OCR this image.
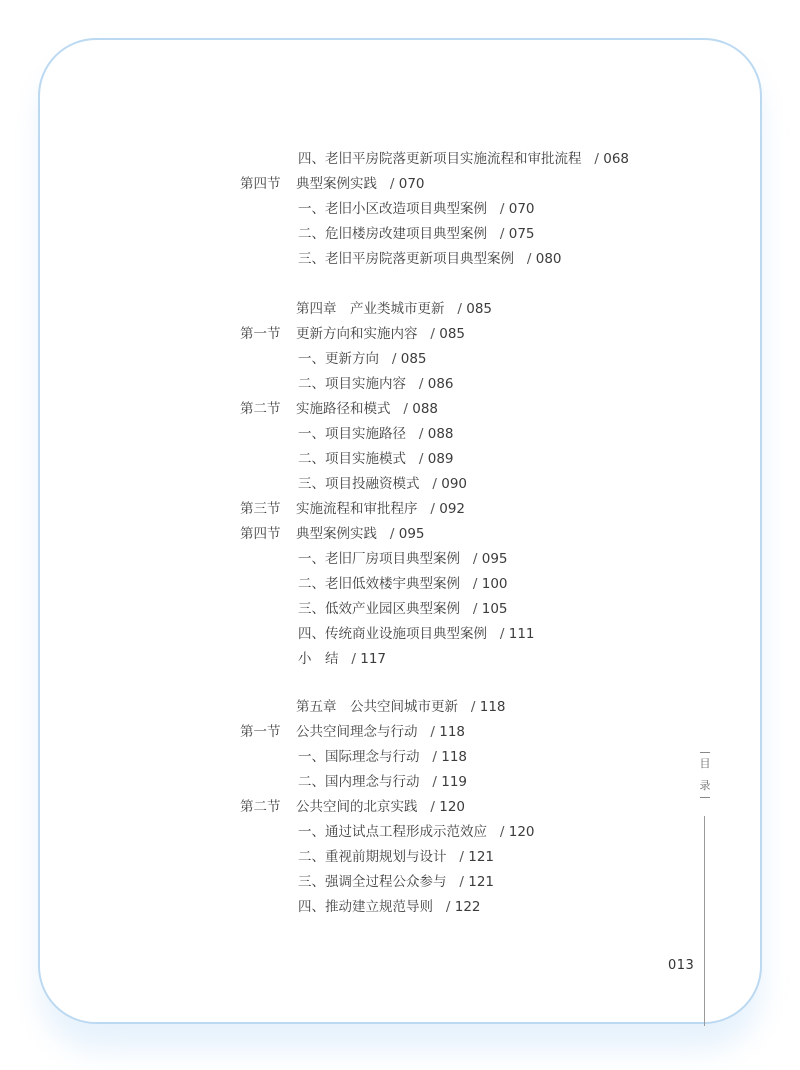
四、老旧平房院落更新项目实施流程和审批流程 / 068
第四节 典型案例实践 / 070
一、老旧小区改造项目典型案例 / 070
二、危旧楼房改建项目典型案例 / 075
三、老旧平房院落更新项目典型案例 / 080
第四章　产业类城市更新 / 085
第一节 更新方向和实施内容 / 085
一、更新方向 / 085
二、项目实施内容 / 086
第二节 实施路径和模式 / 088
一、项目实施路径 / 088
二、项目实施模式 / 089
三、项目投融资模式 / 090
第三节 实施流程和审批程序 / 092
第四节 典型案例实践 / 095
一、老旧厂房项目典型案例 / 095
二、老旧低效楼宇典型案例 / 100
三、低效产业园区典型案例 / 105
四、传统商业设施项目典型案例 / 111
小　结 / 117
第五章　公共空间城市更新 / 118
第一节 公共空间理念与行动 / 118
一、国际理念与行动 / 118
二、国内理念与行动 / 119
第二节 公共空间的北京实践 / 120
一、通过试点工程形成示范效应 / 120
二、重视前期规划与设计 / 121
三、强调全过程公众参与 / 121
四、推动建立规范导则 / 122
目
录
013
